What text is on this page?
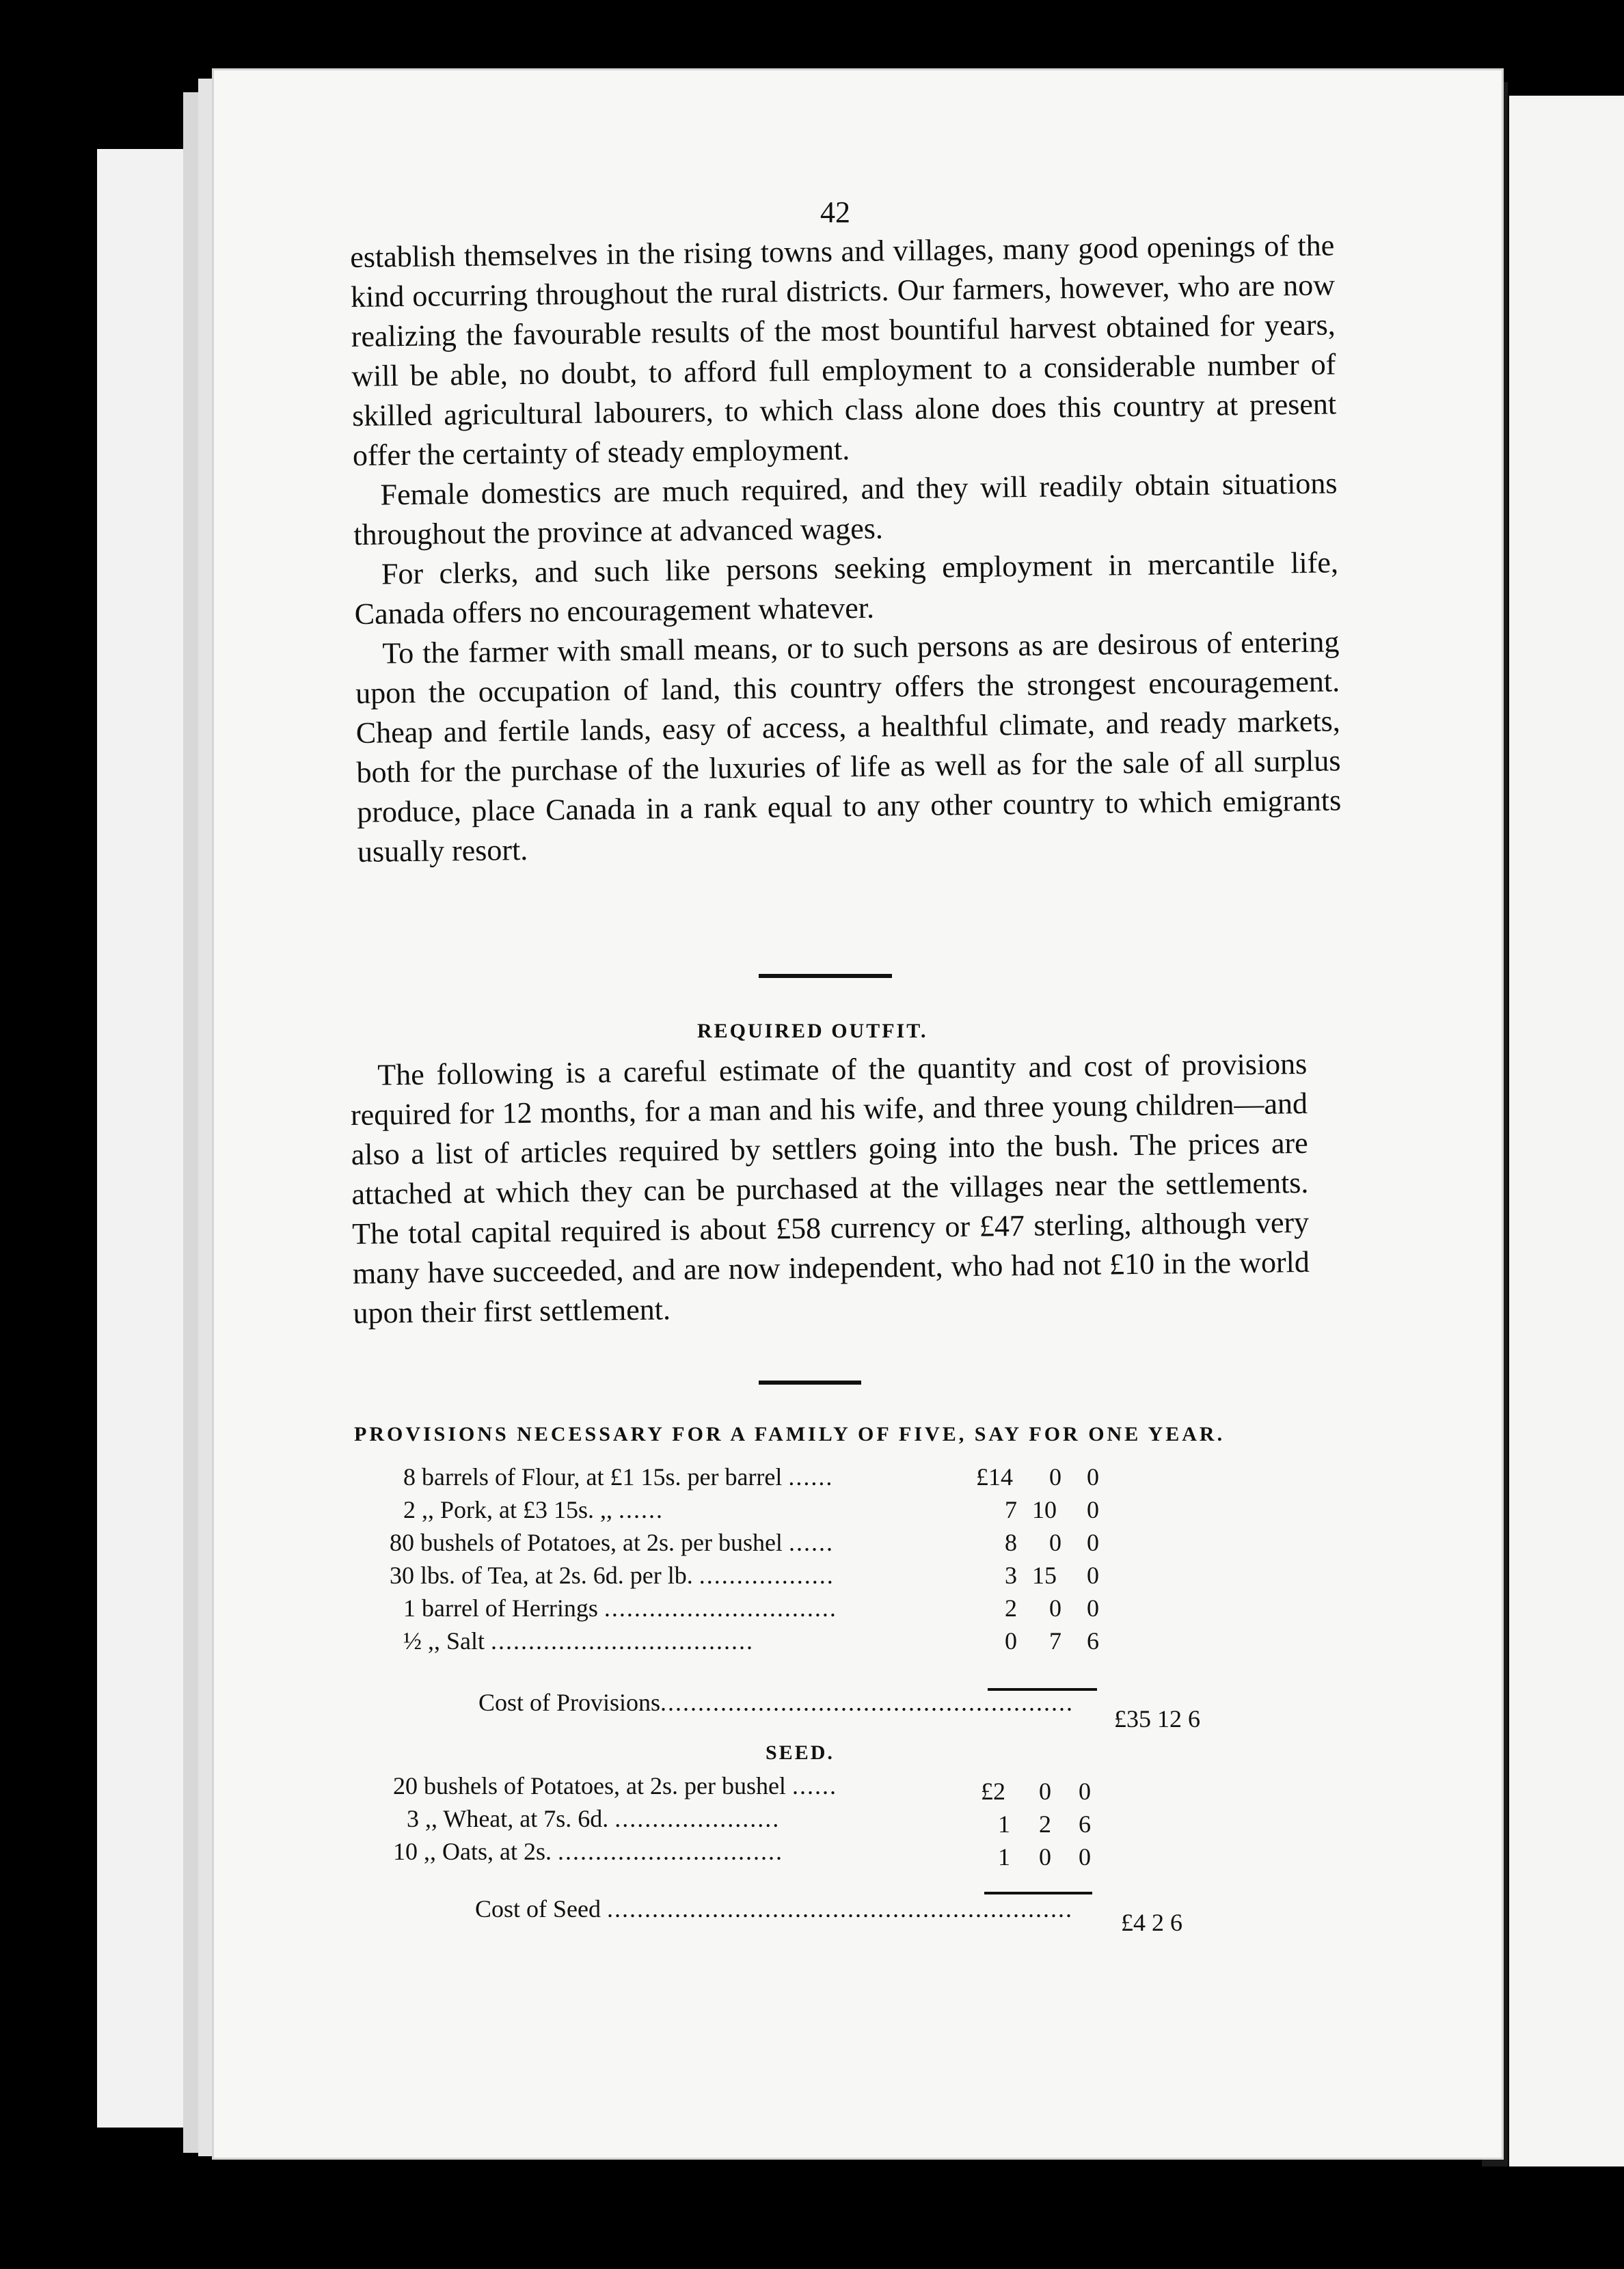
42

establish themselves in the rising towns and villages, many good openings of the kind occurring throughout the rural districts. Our farmers, however, who are now realizing the favourable results of the most bountiful harvest obtained for years, will be able, no doubt, to afford full employment to a considerable number of skilled agricultural labourers, to which class alone does this country at present offer the certainty of steady employment.

Female domestics are much required, and they will readily obtain situations throughout the province at advanced wages.

For clerks, and such like persons seeking employment in mercantile life, Canada offers no encouragement whatever.

To the farmer with small means, or to such persons as are desirous of entering upon the occupation of land, this country offers the strongest encouragement. Cheap and fertile lands, easy of access, a healthful climate, and ready markets, both for the purchase of the luxuries of life as well as for the sale of all surplus produce, place Canada in a rank equal to any other country to which emigrants usually resort.

REQUIRED OUTFIT.

The following is a careful estimate of the quantity and cost of provisions required for 12 months, for a man and his wife, and three young children—and also a list of articles required by settlers going into the bush. The prices are attached at which they can be purchased at the villages near the settlements. The total capital required is about £58 currency or £47 sterling, although very many have succeeded, and are now independent, who had not £10 in the world upon their first settlement.

PROVISIONS NECESSARY FOR A FAMILY OF FIVE, SAY FOR ONE YEAR.
8 barrels of Flour, at £1 15s. per barrel ......
2 ,, Pork, at £3 15s. ,, ......
80 bushels of Potatoes, at 2s. per bushel ......
30 lbs. of Tea, at 2s. 6d. per lb. ..................
1 barrel of Herrings ...............................
½ ,, Salt ...................................
£14 0 0
7 10 0
8 0 0
3 15 0
2 0 0
0 7 6
Cost of Provisions.......................................................
£35 12 6
SEED.
20 bushels of Potatoes, at 2s. per bushel ......
3 ,, Wheat, at 7s. 6d. ......................
10 ,, Oats, at 2s. ..............................
£2 0 0
1 2 6
1 0 0
Cost of Seed .............................................................. £4 2 6
